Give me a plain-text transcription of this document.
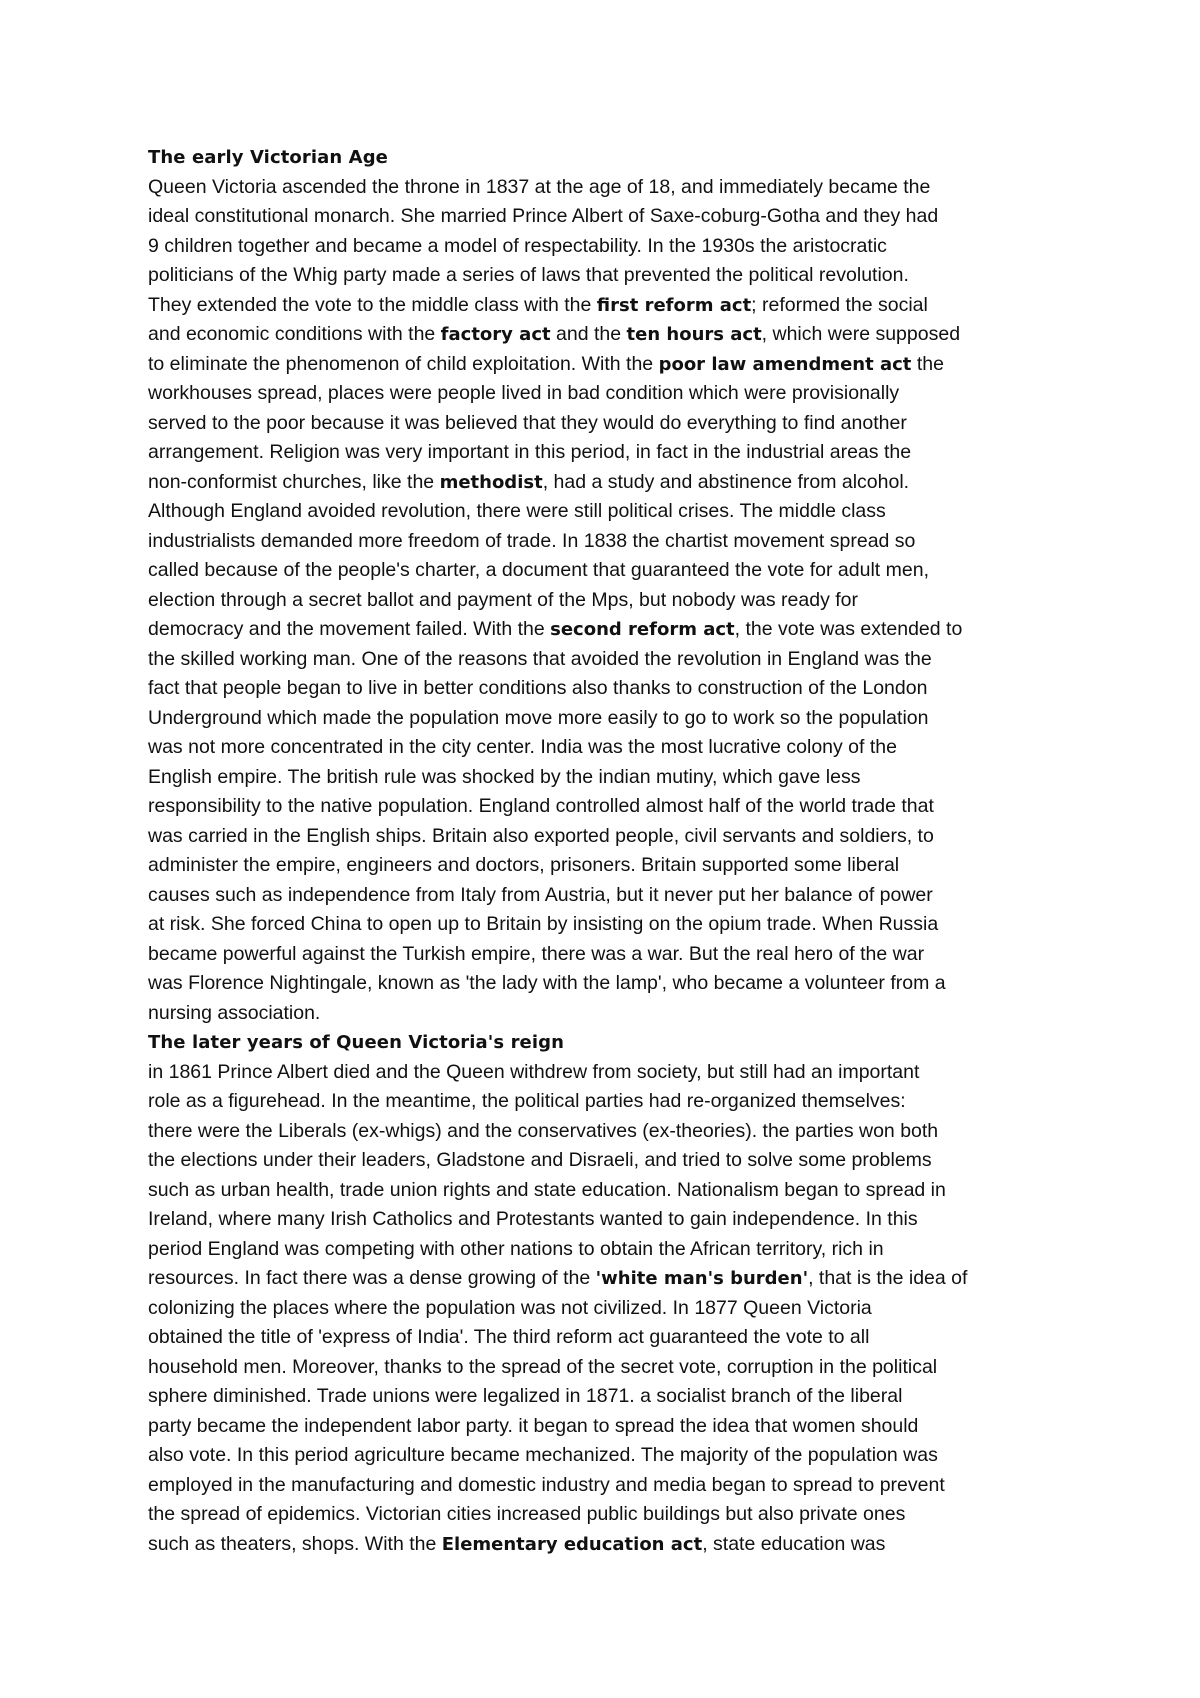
The early Victorian Age
Queen Victoria ascended the throne in 1837 at the age of 18, and immediately became the
ideal constitutional monarch. She married Prince Albert of Saxe-coburg-Gotha and they had
9 children together and became a model of respectability. In the 1930s the aristocratic
politicians of the Whig party made a series of laws that prevented the political revolution.
They extended the vote to the middle class with the first reform act; reformed the social
and economic conditions with the factory act and the ten hours act, which were supposed
to eliminate the phenomenon of child exploitation. With the poor law amendment act the
workhouses spread, places were people lived in bad condition which were provisionally
served to the poor because it was believed that they would do everything to find another
arrangement. Religion was very important in this period, in fact in the industrial areas the
non-conformist churches, like the methodist, had a study and abstinence from alcohol.
Although England avoided revolution, there were still political crises. The middle class
industrialists demanded more freedom of trade. In 1838 the chartist movement spread so
called because of the people's charter, a document that guaranteed the vote for adult men,
election through a secret ballot and payment of the Mps, but nobody was ready for
democracy and the movement failed. With the second reform act, the vote was extended to
the skilled working man. One of the reasons that avoided the revolution in England was the
fact that people began to live in better conditions also thanks to construction of the London
Underground which made the population move more easily to go to work so the population
was not more concentrated in the city center. India was the most lucrative colony of the
English empire. The british rule was shocked by the indian mutiny, which gave less
responsibility to the native population. England controlled almost half of the world trade that
was carried in the English ships. Britain also exported people, civil servants and soldiers, to
administer the empire, engineers and doctors, prisoners. Britain supported some liberal
causes such as independence from Italy from Austria, but it never put her balance of power
at risk. She forced China to open up to Britain by insisting on the opium trade. When Russia
became powerful against the Turkish empire, there was a war. But the real hero of the war
was Florence Nightingale, known as 'the lady with the lamp', who became a volunteer from a
nursing association.
The later years of Queen Victoria's reign
in 1861 Prince Albert died and the Queen withdrew from society, but still had an important
role as a figurehead. In the meantime, the political parties had re-organized themselves:
there were the Liberals (ex-whigs) and the conservatives (ex-theories). the parties won both
the elections under their leaders, Gladstone and Disraeli, and tried to solve some problems
such as urban health, trade union rights and state education. Nationalism began to spread in
Ireland, where many Irish Catholics and Protestants wanted to gain independence. In this
period England was competing with other nations to obtain the African territory, rich in
resources. In fact there was a dense growing of the 'white man's burden', that is the idea of
colonizing the places where the population was not civilized. In 1877 Queen Victoria
obtained the title of 'express of India'. The third reform act guaranteed the vote to all
household men. Moreover, thanks to the spread of the secret vote, corruption in the political
sphere diminished. Trade unions were legalized in 1871. a socialist branch of the liberal
party became the independent labor party. it began to spread the idea that women should
also vote. In this period agriculture became mechanized. The majority of the population was
employed in the manufacturing and domestic industry and media began to spread to prevent
the spread of epidemics. Victorian cities increased public buildings but also private ones
such as theaters, shops. With the Elementary education act, state education was
